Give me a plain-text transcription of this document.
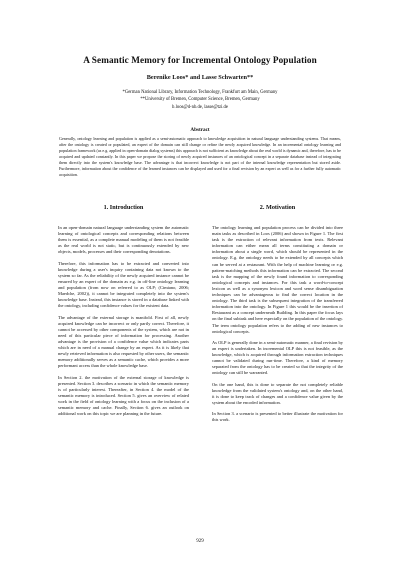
A Semantic Memory for Incremental Ontology Population
Berenike Loos* and Lasse Schwarten**
*German National Library, Information Technology, Frankfurt am Main, Germany
**University of Bremen, Computer Science, Bremen, Germany
b.loos@d-nb.de, lasse@tzi.de
Abstract
Generally, ontology learning and population is applied as a semi-automatic approach to knowledge acquisition in natural language understanding systems. That means, after the ontology is created or populated, an expert of the domain can still change or refine the newly acquired knowledge. In an incremental ontology learning and population framework (as e.g. applied in open-domain dialog systems) this approach is not sufficient as knowledge about the real world is dynamic and, therefore, has to be acquired and updated constantly. In this paper we propose the storing of newly acquired instances of an ontological concept in a separate database instead of integrating them directly into the system's knowledge base. The advantage is that incorrect knowledge is not part of the internal knowledge representation but stored aside. Furthermore, information about the confidence of the learned instances can be displayed and used for a final revision by an expert as well as for a further fully automatic acquisition.
1. Introduction

In an open-domain natural language understanding system the automatic learning of ontological concepts and corresponding relations between them is essential, as a complete manual modeling of them is not feasible as the real world is not static, but is continuously extended by new objects, models, processes and their corresponding denotations.

Therefore, this information has to be extracted and converted into knowledge during a user's inquiry containing data not known to the system so far. As the reliability of the newly acquired instance cannot be ensured by an expert of the domain as e.g. in off-line ontology learning and population (from now on referred to as OLP; (Cimiano, 2006; Maedche, 2002)), it cannot be integrated completely into the system's knowledge base. Instead, this instance is stored in a database linked with the ontology, including confidence values for the existent data.

The advantage of the external storage is manifold. First of all, newly acquired knowledge can be incorrect or only partly correct. Therefore, it cannot be accessed by other components of the system, which are not in need of this particular piece of information for processing. Another advantage is the provision of a confidence value which indicates parts which are in need of a manual change by an expert. As it is likely that newly retrieved information is also requested by other users, the semantic memory additionally serves as a semantic cache, which provides a more performant access than the whole knowledge base.

In Section 2. the motivation of the external storage of knowledge is presented. Section 3. describes a scenario in which the semantic memory is of particularly interest. Thereafter, in Section 4. the model of the semantic memory is introduced. Section 5. gives an overview of related work in the field of ontology learning with a focus on the inclusion of a semantic memory and cache. Finally, Section 6. gives an outlook on additional work on this topic we are planning in the future.

2. Motivation

The ontology learning and population process can be divided into three main tasks as described in Loos (2006) and shown in Figure 1. The first task is the extraction of relevant information from texts. Relevant information can either mean all terms constituting a domain or information about a single word, which should be represented in the ontology. E.g. the ontology needs to be extended by all concepts which can be served at a restaurant. With the help of machine learning or e.g. pattern-matching methods this information can be extracted. The second task is the mapping of the newly found information to corresponding ontological concepts and instances. For this task a word-to-concept lexicon as well as a synonym lexicon and word sense disambiguation techniques can be advantageous to find the correct location in the ontology. The third task is the subsequent integration of the transferred information into the ontology. In Figure 1 this would be the insertion of Restaurant as a concept underneath Building. In this paper the focus lays on the final subtask and here especially on the population of the ontology. The term ontology population refers to the adding of new instances to ontological concepts.

As OLP is generally done in a semi-automatic manner, a final revision by an expert is undertaken. In incremental OLP this is not feasible, as the knowledge, which is acquired through information extraction techniques cannot be validated during run-time. Therefore, a kind of memory separated from the ontology has to be created so that the integrity of the ontology can still be warranted.

On the one hand, this is done to separate the not completely reliable knowledge from the validated system's ontology and, on the other hand, it is done to keep track of changes and a confidence value given by the system about the encoded information.

In Section 3. a scenario is presented to better illustrate the motivation for this work.

929
